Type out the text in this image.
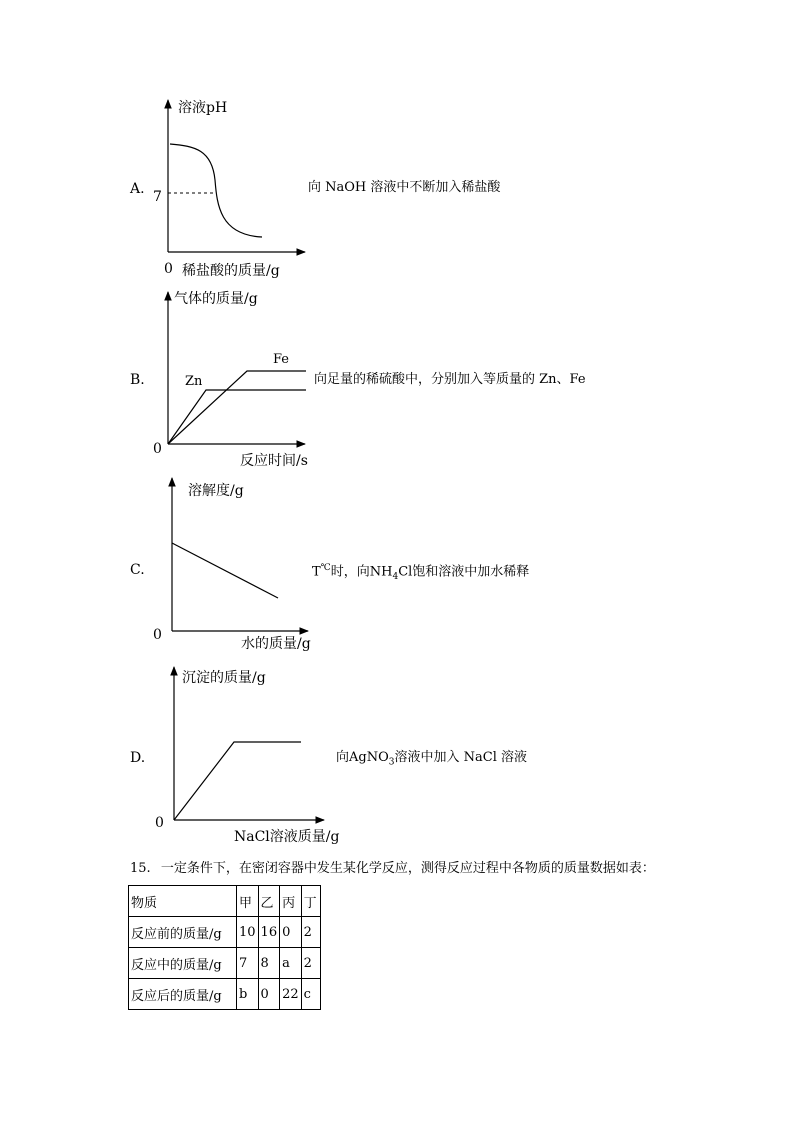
溶液pH
A. 7
0 稀盐酸的质量/g
向 NaOH 溶液中不断加入稀盐酸
气体的质量/g
Fe
Zn
B.
0
反应时间/s
向足量的稀硫酸中，分别加入等质量的 Zn、Fe
溶解度/g
C.
0
水的质量/g
T℃时，向$NH_4Cl$饱和溶液中加水稀释
沉淀的质量/g
D.
0
NaCl溶液质量/g
向AgNO$_3$溶液中加入 NaCl 溶液
15. 一定条件下，在密闭容器中发生某化学反应，测得反应过程中各物质的质量数据如表：
物质	甲	乙	丙	丁
反应前的质量/g	10	16	0	2
反应中的质量/g	7	8	a	2
反应后的质量/g	b	0	22	c
